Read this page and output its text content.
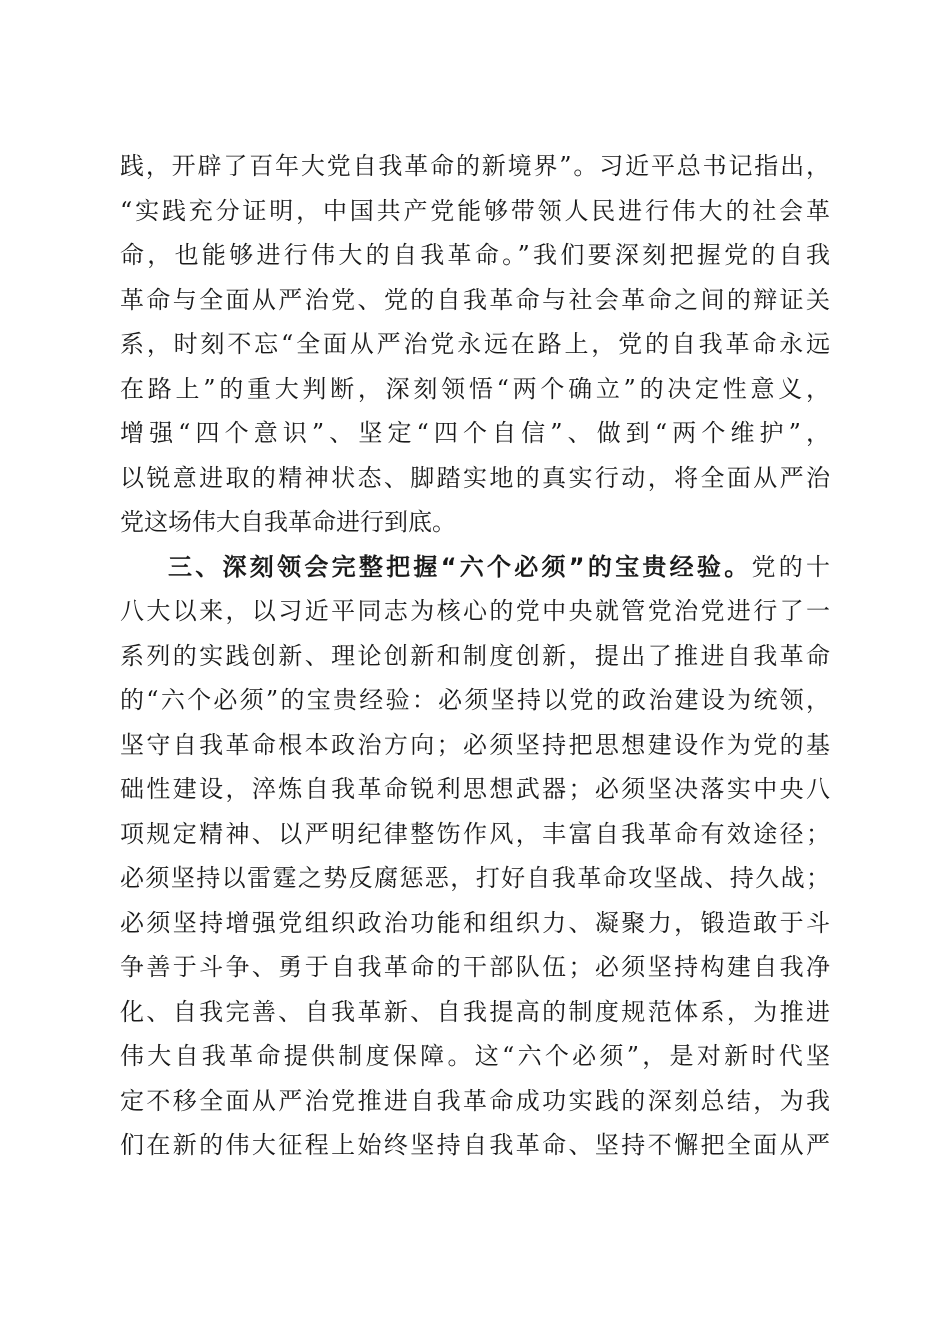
践，开辟了百年大党自我革命的新境界”。习近平总书记指出，
“实践充分证明，中国共产党能够带领人民进行伟大的社会革
命，也能够进行伟大的自我革命。”我们要深刻把握党的自我
革命与全面从严治党、党的自我革命与社会革命之间的辩证关
系，时刻不忘“全面从严治党永远在路上，党的自我革命永远
在路上”的重大判断，深刻领悟“两个确立”的决定性意义，
增强“四个意识”、坚定“四个自信”、做到“两个维护”，
以锐意进取的精神状态、脚踏实地的真实行动，将全面从严治
党这场伟大自我革命进行到底。
三、深刻领会完整把握“六个必须”的宝贵经验。党的十
八大以来，以习近平同志为核心的党中央就管党治党进行了一
系列的实践创新、理论创新和制度创新，提出了推进自我革命
的“六个必须”的宝贵经验：必须坚持以党的政治建设为统领，
坚守自我革命根本政治方向；必须坚持把思想建设作为党的基
础性建设，淬炼自我革命锐利思想武器；必须坚决落实中央八
项规定精神、以严明纪律整饬作风，丰富自我革命有效途径；
必须坚持以雷霆之势反腐惩恶，打好自我革命攻坚战、持久战；
必须坚持增强党组织政治功能和组织力、凝聚力，锻造敢于斗
争善于斗争、勇于自我革命的干部队伍；必须坚持构建自我净
化、自我完善、自我革新、自我提高的制度规范体系，为推进
伟大自我革命提供制度保障。这“六个必须”，是对新时代坚
定不移全面从严治党推进自我革命成功实践的深刻总结，为我
们在新的伟大征程上始终坚持自我革命、坚持不懈把全面从严
